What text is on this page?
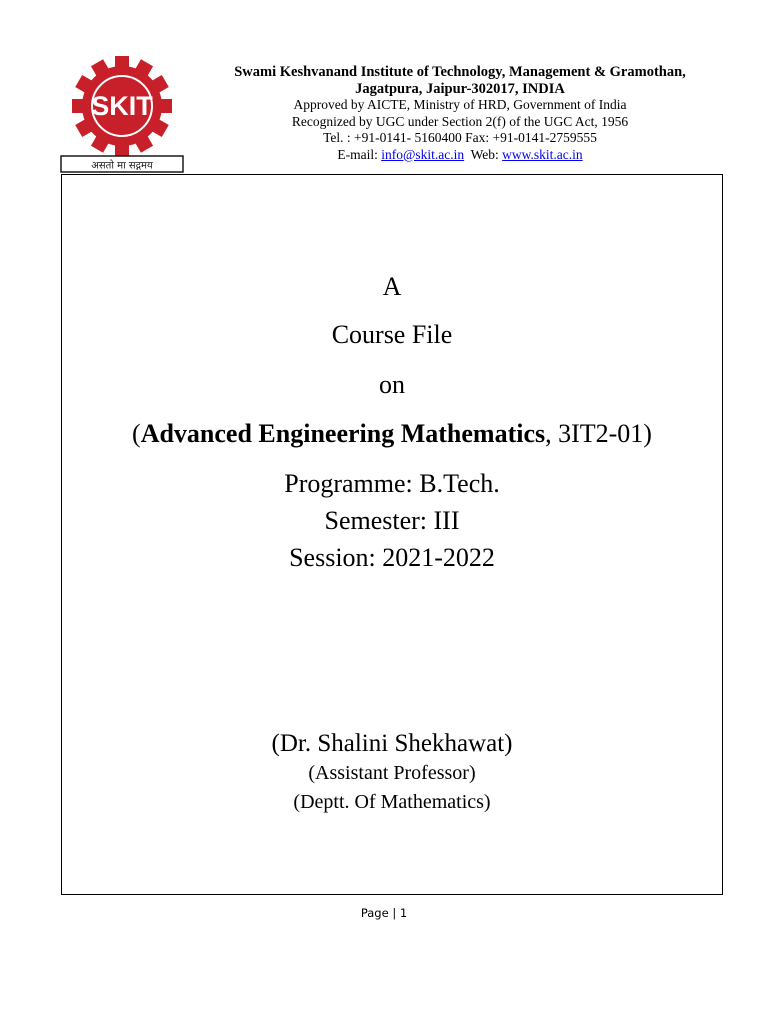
SKIT
असतो मा सद्गमय
Swami Keshvanand Institute of Technology, Management & Gramothan,
Jagatpura, Jaipur-302017, INDIA
Approved by AICTE, Ministry of HRD, Government of India
Recognized by UGC under Section 2(f) of the UGC Act, 1956
Tel. : +91-0141- 5160400 Fax: +91-0141-2759555
E-mail: info@skit.ac.in Web: www.skit.ac.in
A
Course File
on
(Advanced Engineering Mathematics, 3IT2-01)
Programme: B.Tech.
Semester: III
Session: 2021-2022
(Dr. Shalini Shekhawat)
(Assistant Professor)
(Deptt. Of Mathematics)
Page | 1
